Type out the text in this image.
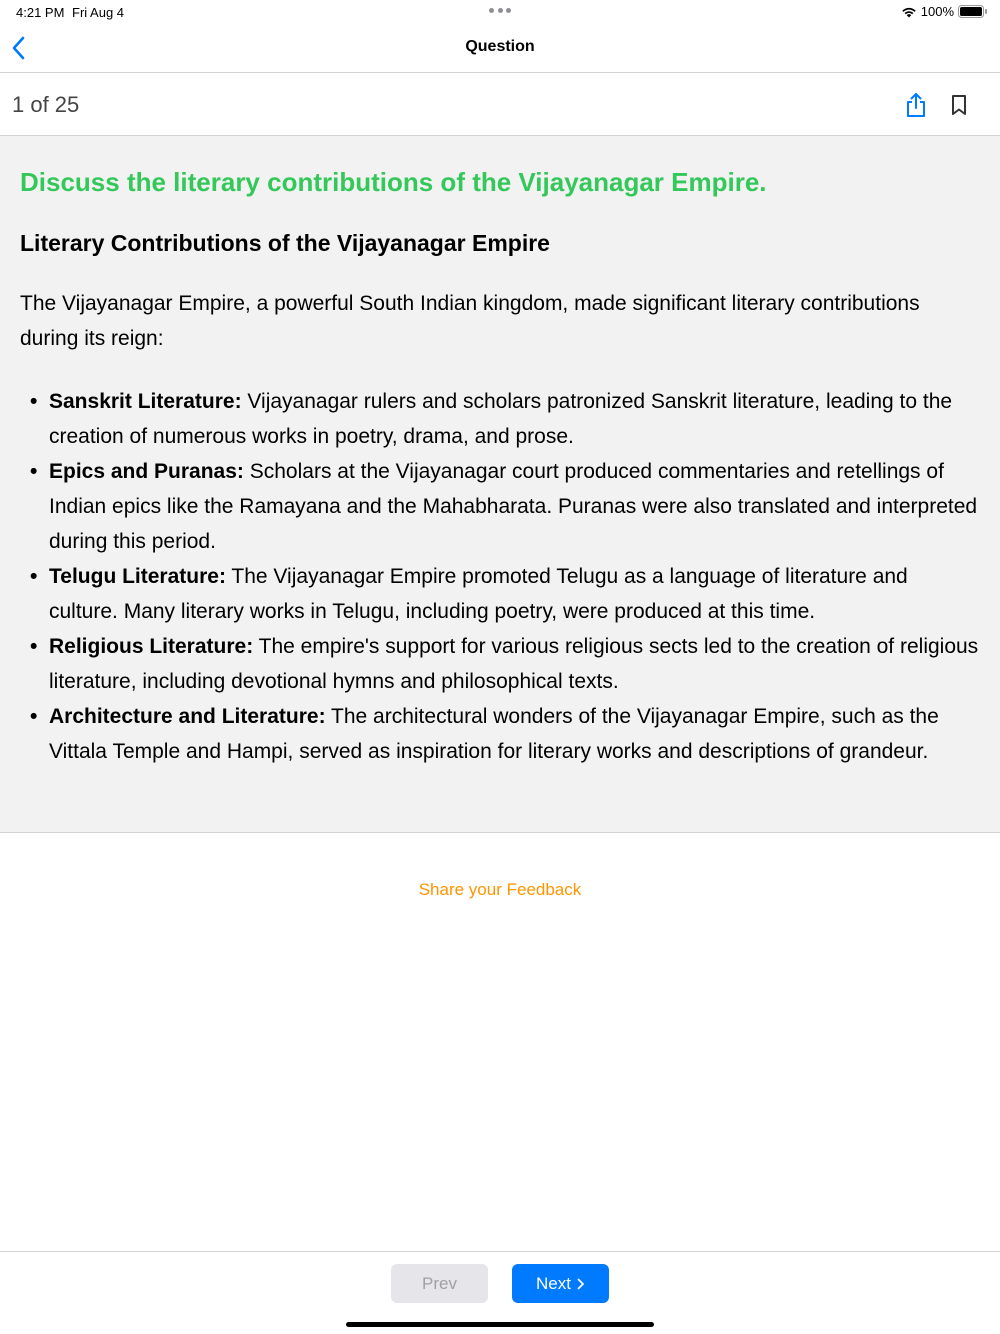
4:21 PM Fri Aug 4	100%
Question
1 of 25
Discuss the literary contributions of the Vijayanagar Empire.
Literary Contributions of the Vijayanagar Empire

The Vijayanagar Empire, a powerful South Indian kingdom, made significant literary contributions during its reign:

• Sanskrit Literature: Vijayanagar rulers and scholars patronized Sanskrit literature, leading to the creation of numerous works in poetry, drama, and prose.
• Epics and Puranas: Scholars at the Vijayanagar court produced commentaries and retellings of Indian epics like the Ramayana and the Mahabharata. Puranas were also translated and interpreted during this period.
• Telugu Literature: The Vijayanagar Empire promoted Telugu as a language of literature and culture. Many literary works in Telugu, including poetry, were produced at this time.
• Religious Literature: The empire's support for various religious sects led to the creation of religious literature, including devotional hymns and philosophical texts.
• Architecture and Literature: The architectural wonders of the Vijayanagar Empire, such as the Vittala Temple and Hampi, served as inspiration for literary works and descriptions of grandeur.
Share your Feedback
Prev	Next
